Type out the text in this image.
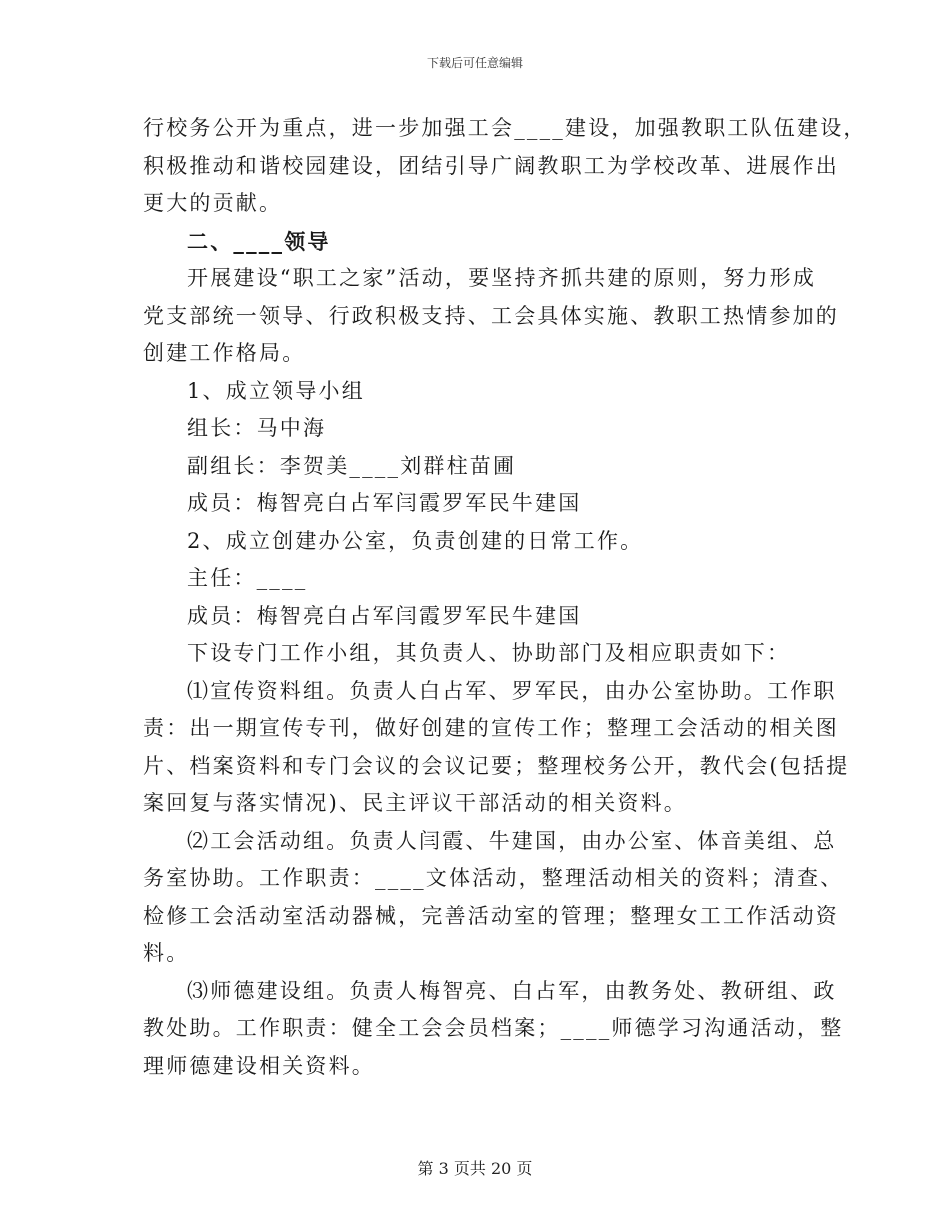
下载后可任意编辑
行校务公开为重点，进一步加强工会____建设，加强教职工队伍建设，
积极推动和谐校园建设，团结引导广阔教职工为学校改革、进展作出
更大的贡献。
二、____领导
开展建设“职工之家”活动，要坚持齐抓共建的原则，努力形成
党支部统一领导、行政积极支持、工会具体实施、教职工热情参加的
创建工作格局。
1、成立领导小组
组长：马中海
副组长：李贺美____刘群柱苗圃
成员：梅智亮白占军闫霞罗军民牛建国
2、成立创建办公室，负责创建的日常工作。
主任：____
成员：梅智亮白占军闫霞罗军民牛建国
下设专门工作小组，其负责人、协助部门及相应职责如下：
⑴宣传资料组。负责人白占军、罗军民，由办公室协助。工作职
责：出一期宣传专刊，做好创建的宣传工作；整理工会活动的相关图
片、档案资料和专门会议的会议记要；整理校务公开，教代会(包括提
案回复与落实情况)、民主评议干部活动的相关资料。
⑵工会活动组。负责人闫霞、牛建国，由办公室、体音美组、总
务室协助。工作职责：____文体活动，整理活动相关的资料；清查、
检修工会活动室活动器械，完善活动室的管理；整理女工工作活动资
料。
⑶师德建设组。负责人梅智亮、白占军，由教务处、教研组、政
教处助。工作职责：健全工会会员档案；____师德学习沟通活动，整
理师德建设相关资料。
第 3 页共 20 页
